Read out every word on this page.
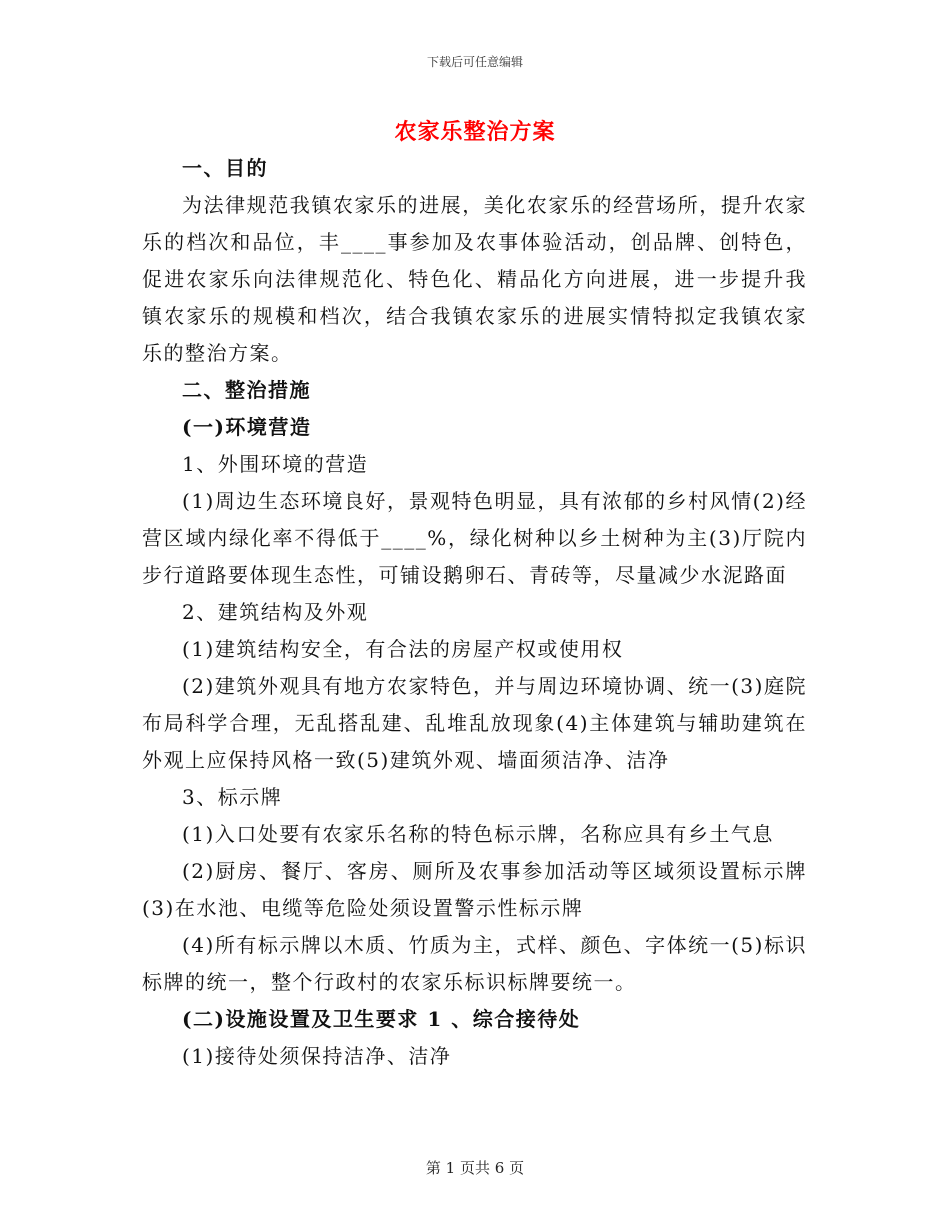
下载后可任意编辑
农家乐整治方案

一、目的

为法律规范我镇农家乐的进展，美化农家乐的经营场所，提升农家乐的档次和品位，丰____事参加及农事体验活动，创品牌、创特色，促进农家乐向法律规范化、特色化、精品化方向进展，进一步提升我镇农家乐的规模和档次，结合我镇农家乐的进展实情特拟定我镇农家乐的整治方案。

二、整治措施

(一)环境营造

1、外围环境的营造

(1)周边生态环境良好，景观特色明显，具有浓郁的乡村风情(2)经营区域内绿化率不得低于____%，绿化树种以乡土树种为主(3)厅院内步行道路要体现生态性，可铺设鹅卵石、青砖等，尽量减少水泥路面

2、建筑结构及外观

(1)建筑结构安全，有合法的房屋产权或使用权

(2)建筑外观具有地方农家特色，并与周边环境协调、统一(3)庭院布局科学合理，无乱搭乱建、乱堆乱放现象(4)主体建筑与辅助建筑在外观上应保持风格一致(5)建筑外观、墙面须洁净、洁净

3、标示牌

(1)入口处要有农家乐名称的特色标示牌，名称应具有乡土气息

(2)厨房、餐厅、客房、厕所及农事参加活动等区域须设置标示牌(3)在水池、电缆等危险处须设置警示性标示牌

(4)所有标示牌以木质、竹质为主，式样、颜色、字体统一(5)标识标牌的统一，整个行政村的农家乐标识标牌要统一。

(二)设施设置及卫生要求 1 、综合接待处

(1)接待处须保持洁净、洁净

第 1 页共 6 页
